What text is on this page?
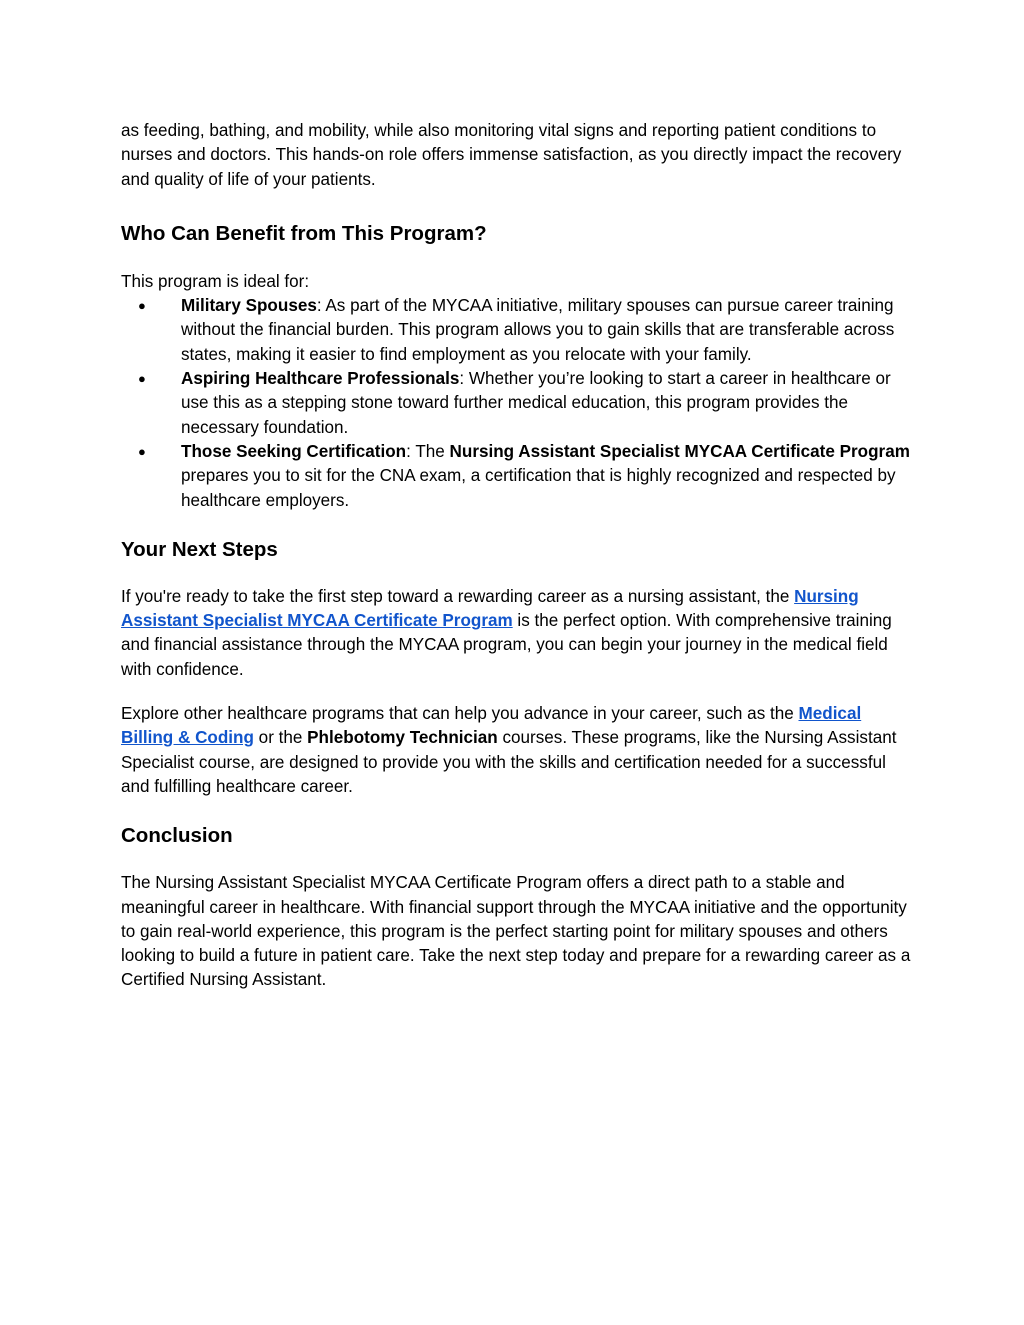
as feeding, bathing, and mobility, while also monitoring vital signs and reporting patient conditions to nurses and doctors. This hands-on role offers immense satisfaction, as you directly impact the recovery and quality of life of your patients.

Who Can Benefit from This Program?

This program is ideal for:

● Military Spouses: As part of the MYCAA initiative, military spouses can pursue career training without the financial burden. This program allows you to gain skills that are transferable across states, making it easier to find employment as you relocate with your family.
● Aspiring Healthcare Professionals: Whether you’re looking to start a career in healthcare or use this as a stepping stone toward further medical education, this program provides the necessary foundation.
● Those Seeking Certification: The Nursing Assistant Specialist MYCAA Certificate Program prepares you to sit for the CNA exam, a certification that is highly recognized and respected by healthcare employers.
Your Next Steps

If you're ready to take the first step toward a rewarding career as a nursing assistant, the Nursing Assistant Specialist MYCAA Certificate Program is the perfect option. With comprehensive training and financial assistance through the MYCAA program, you can begin your journey in the medical field with confidence.

Explore other healthcare programs that can help you advance in your career, such as the Medical Billing & Coding or the Phlebotomy Technician courses. These programs, like the Nursing Assistant Specialist course, are designed to provide you with the skills and certification needed for a successful and fulfilling healthcare career.

Conclusion

The Nursing Assistant Specialist MYCAA Certificate Program offers a direct path to a stable and meaningful career in healthcare. With financial support through the MYCAA initiative and the opportunity to gain real-world experience, this program is the perfect starting point for military spouses and others looking to build a future in patient care. Take the next step today and prepare for a rewarding career as a Certified Nursing Assistant.
